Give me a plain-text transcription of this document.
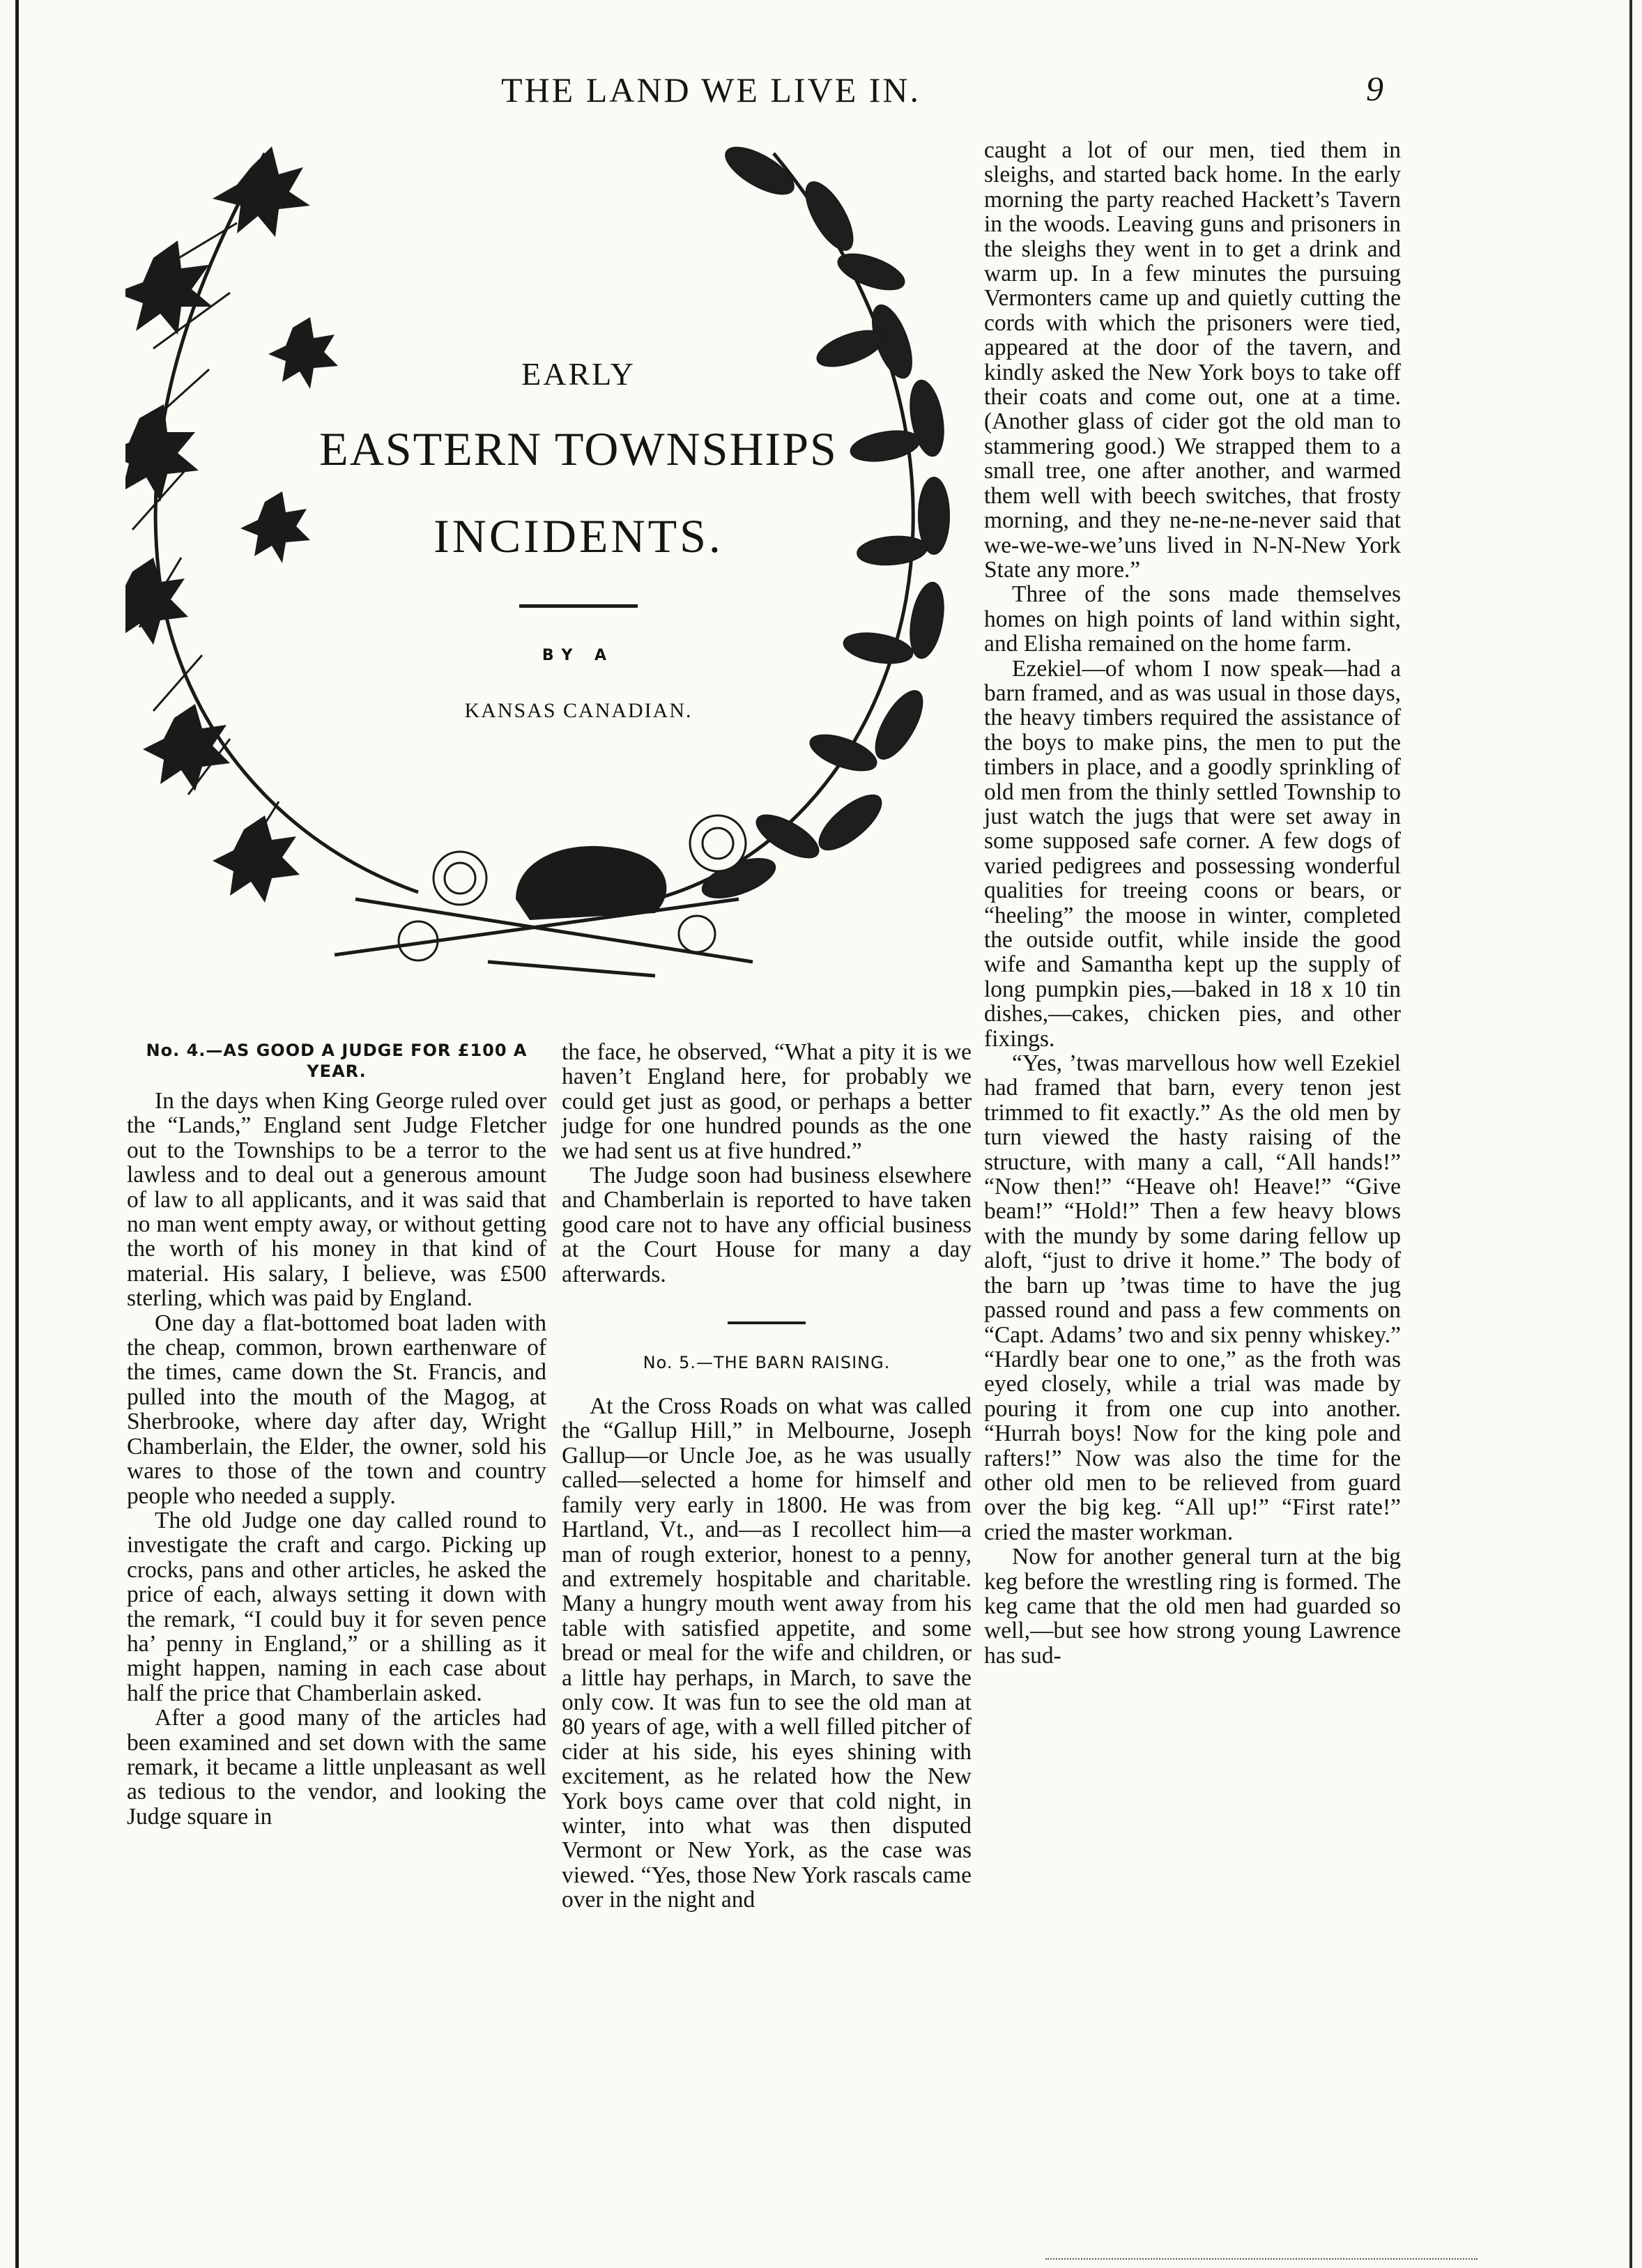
THE LAND WE LIVE IN.	9
EARLY
EASTERN TOWNSHIPS
INCIDENTS.
BY A
KANSAS CANADIAN.

caught a lot of our men, tied them in sleighs, and started back home. In the early morning the party reached Hackett’s Tavern in the woods. Leaving guns and prisoners in the sleighs they went in to get a drink and warm up. In a few minutes the pursuing Vermonters came up and quietly cutting the cords with which the prisoners were tied, appeared at the door of the tavern, and kindly asked the New York boys to take off their coats and come out, one at a time. (Another glass of cider got the old man to stammering good.) We strapped them to a small tree, one after another, and warmed them well with beech switches, that frosty morning, and they ne-ne-ne-never said that we-we-we-we’uns lived in N-N-New York State any more.”

Three of the sons made themselves homes on high points of land within sight, and Elisha remained on the home farm.

Ezekiel—of whom I now speak—had a barn framed, and as was usual in those days, the heavy timbers required the assistance of the boys to make pins, the men to put the timbers in place, and a goodly sprinkling of old men from the thinly settled Township to just watch the jugs that were set away in some supposed safe corner. A few dogs of varied pedigrees and possessing wonderful qualities for treeing coons or bears, or “heeling” the moose in winter, completed the outside outfit, while inside the good wife and Samantha kept up the supply of long pumpkin pies,—baked in 18 x 10 tin dishes,—cakes, chicken pies, and other fixings.

“Yes, ’twas marvellous how well Ezekiel had framed that barn, every tenon jest trimmed to fit exactly.” As the old men by turn viewed the hasty raising of the structure, with many a call, “All hands!” “Now then!” “Heave oh! Heave!” “Give beam!” “Hold!” Then a few heavy blows with the mundy by some daring fellow up aloft, “just to drive it home.” The body of the barn up ’twas time to have the jug passed round and pass a few comments on “Capt. Adams’ two and six penny whiskey.” “Hardly bear one to one,” as the froth was eyed closely, while a trial was made by pouring it from one cup into another. “Hurrah boys! Now for the king pole and rafters!” Now was also the time for the other old men to be relieved from guard over the big keg. “All up!” “First rate!” cried the master workman.

Now for another general turn at the big keg before the wrestling ring is formed. The keg came that the old men had guarded so well,—but see how strong young Lawrence has sud-

No. 4.—AS GOOD A JUDGE FOR £100 A YEAR.

In the days when King George ruled over the “Lands,” England sent Judge Fletcher out to the Townships to be a terror to the lawless and to deal out a generous amount of law to all applicants, and it was said that no man went empty away, or without getting the worth of his money in that kind of material. His salary, I believe, was £500 sterling, which was paid by England.

One day a flat-bottomed boat laden with the cheap, common, brown earthenware of the times, came down the St. Francis, and pulled into the mouth of the Magog, at Sherbrooke, where day after day, Wright Chamberlain, the Elder, the owner, sold his wares to those of the town and country people who needed a supply.

The old Judge one day called round to investigate the craft and cargo. Picking up crocks, pans and other articles, he asked the price of each, always setting it down with the remark, “I could buy it for seven pence ha’ penny in England,” or a shilling as it might happen, naming in each case about half the price that Chamberlain asked.

After a good many of the articles had been examined and set down with the same remark, it became a little unpleasant as well as tedious to the vendor, and looking the Judge square in

the face, he observed, “What a pity it is we haven’t England here, for probably we could get just as good, or perhaps a better judge for one hundred pounds as the one we had sent us at five hundred.”

The Judge soon had business elsewhere and Chamberlain is reported to have taken good care not to have any official business at the Court House for many a day afterwards.

No. 5.—THE BARN RAISING.

At the Cross Roads on what was called the “Gallup Hill,” in Melbourne, Joseph Gallup—or Uncle Joe, as he was usually called—selected a home for himself and family very early in 1800. He was from Hartland, Vt., and—as I recollect him—a man of rough exterior, honest to a penny, and extremely hospitable and charitable. Many a hungry mouth went away from his table with satisfied appetite, and some bread or meal for the wife and children, or a little hay perhaps, in March, to save the only cow. It was fun to see the old man at 80 years of age, with a well filled pitcher of cider at his side, his eyes shining with excitement, as he related how the New York boys came over that cold night, in winter, into what was then disputed Vermont or New York, as the case was viewed. “Yes, those New York rascals came over in the night and
